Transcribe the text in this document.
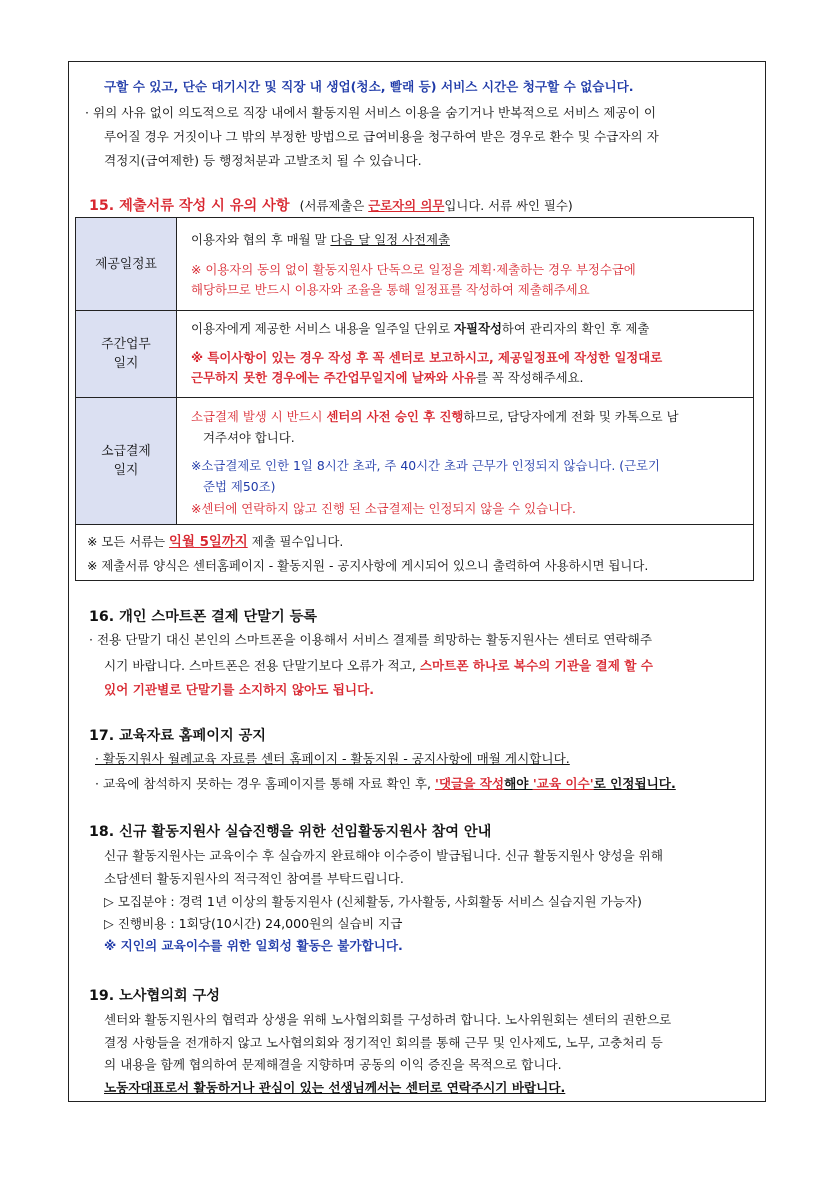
구할 수 있고, 단순 대기시간 및 직장 내 생업(청소, 빨래 등) 서비스 시간은 청구할 수 없습니다.
· 위의 사유 없이 의도적으로 직장 내에서 활동지원 서비스 이용을 숨기거나 반복적으로 서비스 제공이 이
루어질 경우 거짓이나 그 밖의 부정한 방법으로 급여비용을 청구하여 받은 경우로 환수 및 수급자의 자
격정지(급여제한) 등 행정처분과 고발조치 될 수 있습니다.
15. 제출서류 작성 시 유의 사항 (서류제출은 근로자의 의무입니다. 서류 싸인 필수)
제공일정표
이용자와 협의 후 매월 말 다음 달 일정 사전제출
※ 이용자의 동의 없이 활동지원사 단독으로 일정을 계획·제출하는 경우 부정수급에
해당하므로 반드시 이용자와 조율을 통해 일정표를 작성하여 제출해주세요
주간업무
일지
이용자에게 제공한 서비스 내용을 일주일 단위로 자필작성하여 관리자의 확인 후 제출
※ 특이사항이 있는 경우 작성 후 꼭 센터로 보고하시고, 제공일정표에 작성한 일정대로
근무하지 못한 경우에는 주간업무일지에 날짜와 사유를 꼭 작성해주세요.
소급결제
일지
소급결제 발생 시 반드시 센터의 사전 승인 후 진행하므로, 담당자에게 전화 및 카톡으로 남
겨주셔야 합니다.
※소급결제로 인한 1일 8시간 초과, 주 40시간 초과 근무가 인정되지 않습니다. (근로기
준법 제50조)
※센터에 연락하지 않고 진행 된 소급결제는 인정되지 않을 수 있습니다.
※ 모든 서류는 익월 5일까지 제출 필수입니다.
※ 제출서류 양식은 센터홈페이지 - 활동지원 - 공지사항에 게시되어 있으니 출력하여 사용하시면 됩니다.
16. 개인 스마트폰 결제 단말기 등록
· 전용 단말기 대신 본인의 스마트폰을 이용해서 서비스 결제를 희망하는 활동지원사는 센터로 연락해주
시기 바랍니다. 스마트폰은 전용 단말기보다 오류가 적고, 스마트폰 하나로 복수의 기관을 결제 할 수
있어 기관별로 단말기를 소지하지 않아도 됩니다.
17. 교육자료 홈페이지 공지
· 활동지원사 월례교육 자료를 센터 홈페이지 - 활동지원 - 공지사항에 매월 게시합니다.
· 교육에 참석하지 못하는 경우 홈페이지를 통해 자료 확인 후, '댓글을 작성해야 '교육 이수'로 인정됩니다.
18. 신규 활동지원사 실습진행을 위한 선임활동지원사 참여 안내
신규 활동지원사는 교육이수 후 실습까지 완료해야 이수증이 발급됩니다. 신규 활동지원사 양성을 위해
소담센터 활동지원사의 적극적인 참여를 부탁드립니다.
▷ 모집분야 : 경력 1년 이상의 활동지원사 (신체활동, 가사활동, 사회활동 서비스 실습지원 가능자)
▷ 진행비용 : 1회당(10시간) 24,000원의 실습비 지급
※ 지인의 교육이수를 위한 일회성 활동은 불가합니다.
19. 노사협의회 구성
센터와 활동지원사의 협력과 상생을 위해 노사협의회를 구성하려 합니다. 노사위원회는 센터의 권한으로
결정 사항들을 전개하지 않고 노사협의회와 정기적인 회의를 통해 근무 및 인사제도, 노무, 고충처리 등
의 내용을 함께 협의하여 문제해결을 지향하며 공동의 이익 증진을 목적으로 합니다.
노동자대표로서 활동하거나 관심이 있는 선생님께서는 센터로 연락주시기 바랍니다.
